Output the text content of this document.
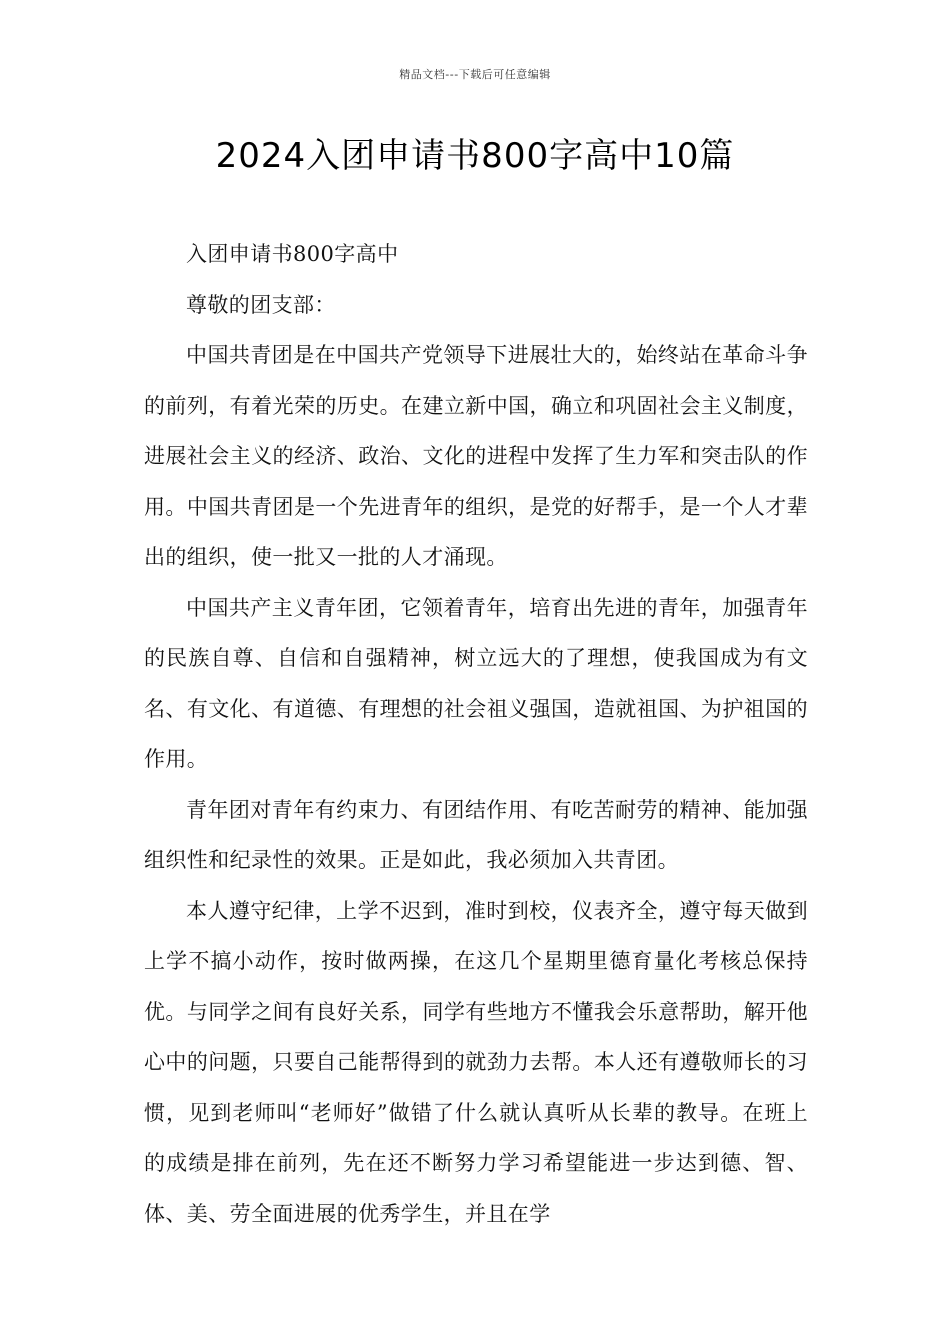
精品文档---下载后可任意编辑
2024入团申请书800字高中10篇

入团申请书800字高中

尊敬的团支部：

中国共青团是在中国共产党领导下进展壮大的，始终站在革命斗争的前列，有着光荣的历史。在建立新中国，确立和巩固社会主义制度，进展社会主义的经济、政治、文化的进程中发挥了生力军和突击队的作用。中国共青团是一个先进青年的组织，是党的好帮手，是一个人才辈出的组织，使一批又一批的人才涌现。

中国共产主义青年团，它领着青年，培育出先进的青年，加强青年的民族自尊、自信和自强精神，树立远大的了理想，使我国成为有文名、有文化、有道德、有理想的社会祖义强国，造就祖国、为护祖国的作用。

青年团对青年有约束力、有团结作用、有吃苦耐劳的精神、能加强组织性和纪录性的效果。正是如此，我必须加入共青团。

本人遵守纪律，上学不迟到，准时到校，仪表齐全，遵守每天做到上学不搞小动作，按时做两操，在这几个星期里德育量化考核总保持优。与同学之间有良好关系，同学有些地方不懂我会乐意帮助，解开他心中的问题，只要自己能帮得到的就劲力去帮。本人还有遵敬师长的习惯，见到老师叫“老师好”做错了什么就认真听从长辈的教导。在班上的成绩是排在前列，先在还不断努力学习希望能进一步达到德、智、体、美、劳全面进展的优秀学生，并且在学
